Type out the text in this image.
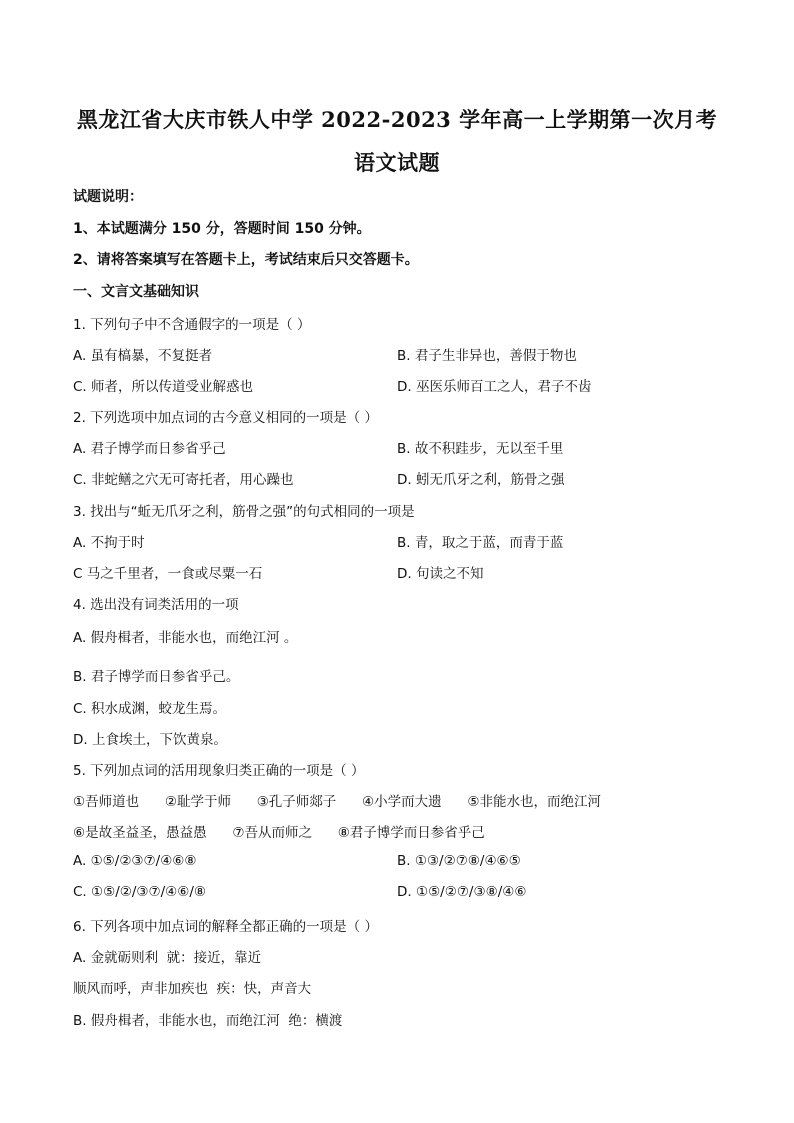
黑龙江省大庆市铁人中学 2022-2023 学年高一上学期第一次月考
语文试题
试题说明：
1、本试题满分 150 分，答题时间 150 分钟。
2、请将答案填写在答题卡上，考试结束后只交答题卡。
一、文言文基础知识
1. 下列句子中不含通假字的一项是（ ）
A. 虽有槁暴，不复挺者	B. 君子生非异也，善假于物也
C. 师者，所以传道受业解惑也	D. 巫医乐师百工之人，君子不齿
2. 下列选项中加点词的古今意义相同的一项是（ ）
A. 君子博学而日参省乎己	B. 故不积跬步，无以至千里
C. 非蛇鳝之穴无可寄托者，用心躁也	D. 蚓无爪牙之利，筋骨之强
3. 找出与“蚯无爪牙之利，筋骨之强”的句式相同的一项是
A. 不拘于时	B. 青，取之于蓝，而青于蓝
C 马之千里者，一食或尽粟一石	D. 句读之不知
4. 选出没有词类活用的一项
A. 假舟楫者，非能水也，而绝江河 。
B. 君子博学而日参省乎己。
C. 积水成渊，蛟龙生焉。
D. 上食埃土，下饮黄泉。
5. 下列加点词的活用现象归类正确的一项是（ ）
①吾师道也      ②耻学于师      ③孔子师郯子      ④小学而大遗      ⑤非能水也，而绝江河
⑥是故圣益圣，愚益愚      ⑦吾从而师之      ⑧君子博学而日参省乎己
A. ①⑤/②③⑦/④⑥⑧	B. ①③/②⑦⑧/④⑥⑤
C. ①⑤/②/③⑦/④⑥/⑧	D. ①⑤/②⑦/③⑧/④⑥
6. 下列各项中加点词的解释全都正确的一项是（ ）
A. 金就砺则利  就：接近，靠近
顺风而呼，声非加疾也  疾：快，声音大
B. 假舟楫者，非能水也，而绝江河  绝：横渡
